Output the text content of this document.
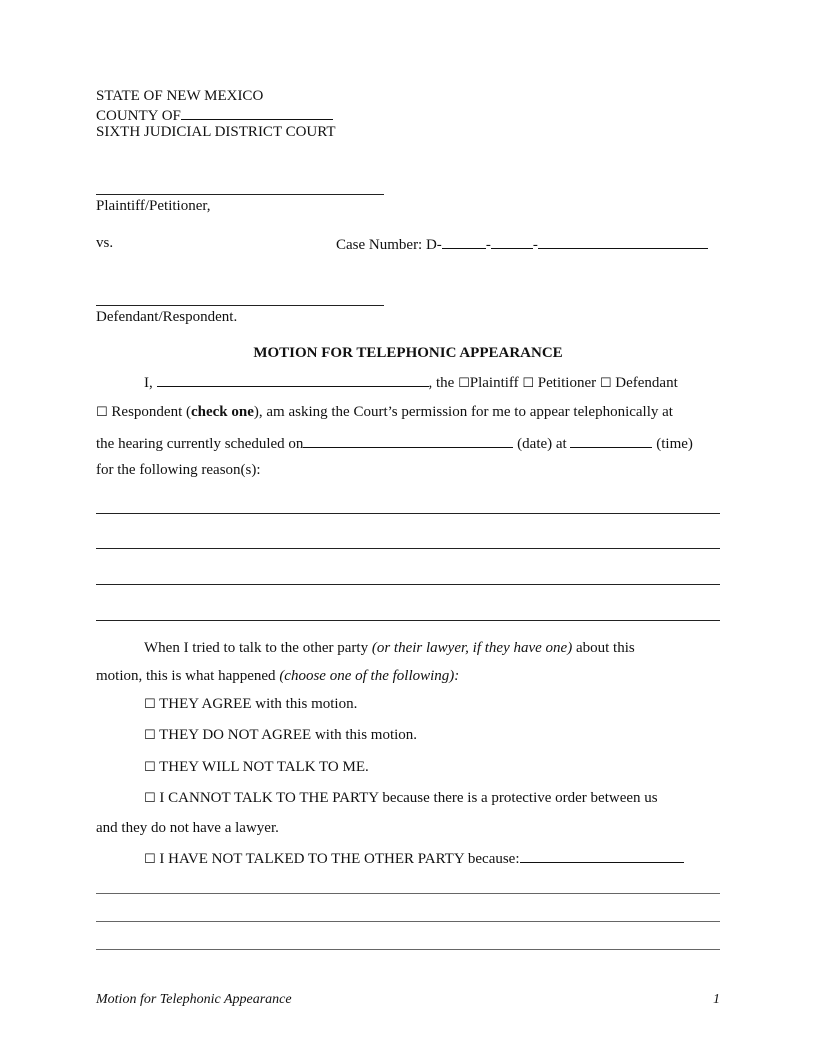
STATE OF NEW MEXICO
COUNTY OF
SIXTH JUDICIAL DISTRICT COURT
Plaintiff/Petitioner,
vs.	Case Number: D-	-	-
Defendant/Respondent.
MOTION FOR TELEPHONIC APPEARANCE
I,	, the ☐Plaintiff ☐ Petitioner ☐ Defendant
☐ Respondent (check one), am asking the Court’s permission for me to appear telephonically at
the hearing currently scheduled on	(date) at	(time)
for the following reason(s):
When I tried to talk to the other party (or their lawyer, if they have one) about this
motion, this is what happened (choose one of the following):
☐ THEY AGREE with this motion.
☐ THEY DO NOT AGREE with this motion.
☐ THEY WILL NOT TALK TO ME.
☐ I CANNOT TALK TO THE PARTY because there is a protective order between us
and they do not have a lawyer.
☐ I HAVE NOT TALKED TO THE OTHER PARTY because:
Motion for Telephonic Appearance	1
